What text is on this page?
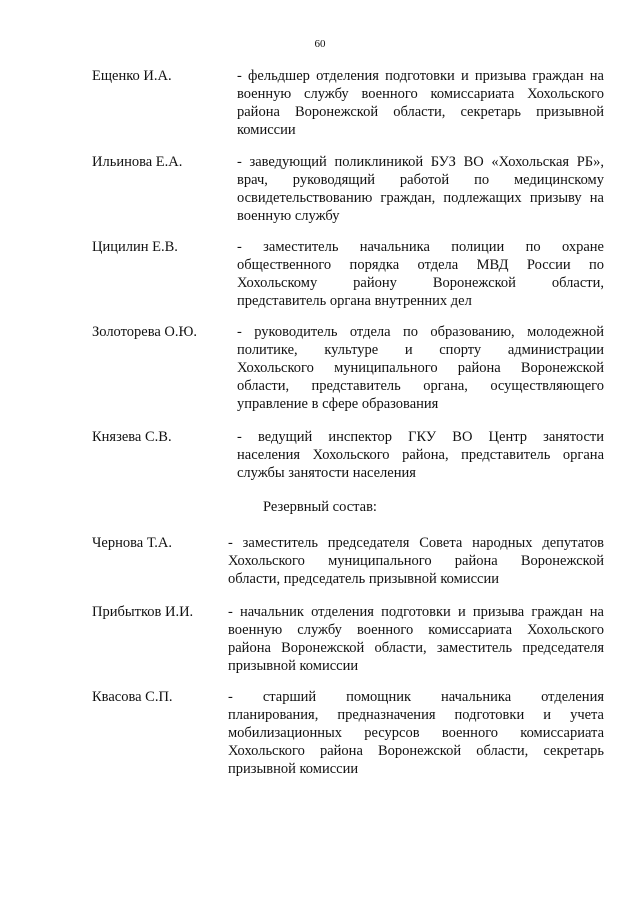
60
Ещенко И.А.	- фельдшер отделения подготовки и призыва граждан на
военную службу военного комиссариата Хохольского
района Воронежской области, секретарь призывной
комиссии
Ильинова Е.А.	- заведующий поликлиникой БУЗ ВО «Хохольская РБ»,
врач, руководящий работой по медицинскому
освидетельствованию граждан, подлежащих призыву на
военную службу
Цицилин Е.В.	- заместитель начальника полиции по охране
общественного порядка отдела МВД России по
Хохольскому району Воронежской области,
представитель органа внутренних дел
Золоторева О.Ю.	- руководитель отдела по образованию, молодежной
политике, культуре и спорту администрации
Хохольского муниципального района Воронежской
области, представитель органа, осуществляющего
управление в сфере образования
Князева С.В.	- ведущий инспектор ГКУ ВО Центр занятости
населения Хохольского района, представитель органа
службы занятости населения
Резервный состав:
Чернова Т.А.	- заместитель председателя Совета народных депутатов
Хохольского муниципального района Воронежской
области, председатель призывной комиссии
Прибытков И.И. - начальник отделения подготовки и призыва граждан на
военную службу военного комиссариата Хохольского
района Воронежской области, заместитель председателя
призывной комиссии
Квасова С.П.	- старший помощник начальника отделения
планирования, предназначения подготовки и учета
мобилизационных ресурсов военного комиссариата
Хохольского района Воронежской области, секретарь
призывной комиссии
